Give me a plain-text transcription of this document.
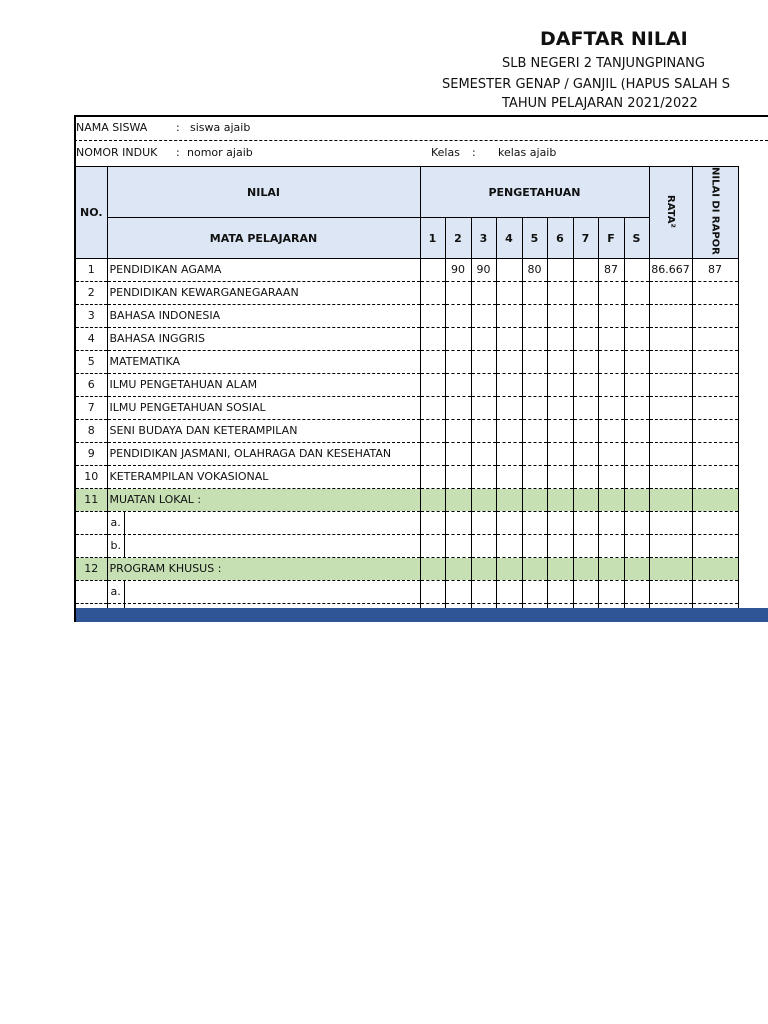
DAFTAR NILAI
SLB NEGERI 2 TANJUNGPINANG
SEMESTER GENAP / GANJIL (HAPUS SALAH S
TAHUN PELAJARAN 2021/2022
NAMA SISWA	: siswa ajaib
NOMOR INDUK : nomor ajaib	Kelas : kelas ajaib
NO.	NILAI	PENGETAHUAN									RATA²	NILAI DI RAPOR
	MATA PELAJARAN	1	2	3	4	5	6	7	F	S		
1	PENDIDIKAN AGAMA		90	90		80			87		86.667	87
2	PENDIDIKAN KEWARGANEGARAAN											
3	BAHASA INDONESIA											
4	BAHASA INGGRIS											
5	MATEMATIKA											
6	ILMU PENGETAHUAN ALAM											
7	ILMU PENGETAHUAN SOSIAL											
8	SENI BUDAYA DAN KETERAMPILAN											
9	PENDIDIKAN JASMANI, OLAHRAGA DAN KESEHATAN											
10	KETERAMPILAN VOKASIONAL											
11	MUATAN LOKAL :											
	a.											
	b.											
12	PROGRAM KHUSUS :											
	a.											
